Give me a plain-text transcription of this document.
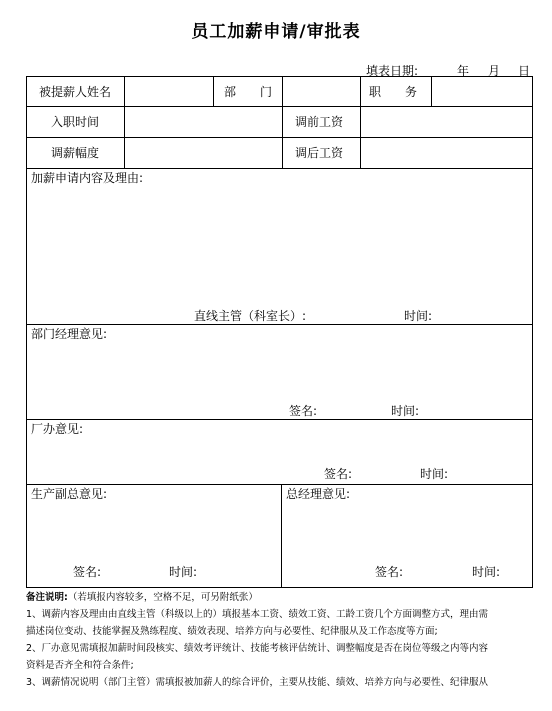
员工加薪申请/审批表
填表日期:	年 月 日
被提薪人姓名	部　　门	职　　务
入职时间	调前工资
调薪幅度	调后工资
加薪申请内容及理由:
直线主管（科室长）:	时间:
部门经理意见:
签名:	时间:
厂办意见:
签名:	时间:
生产副总意见:
签名:	时间:
总经理意见:
签名:	时间:
备注说明:（若填报内容较多，空格不足，可另附纸张）
1、调薪内容及理由由直线主管（科级以上的）填报基本工资、绩效工资、工龄工资几个方面调整方式，理由需
描述岗位变动、技能掌握及熟练程度、绩效表现、培养方向与必要性、纪律服从及工作态度等方面;
2、厂办意见需填报加薪时间段核实、绩效考评统计、技能考核评估统计、调整幅度是否在岗位等级之内等内容
资料是否齐全和符合条件;
3、调薪情况说明（部门主管）需填报被加薪人的综合评价，主要从技能、绩效、培养方向与必要性、纪律服从
